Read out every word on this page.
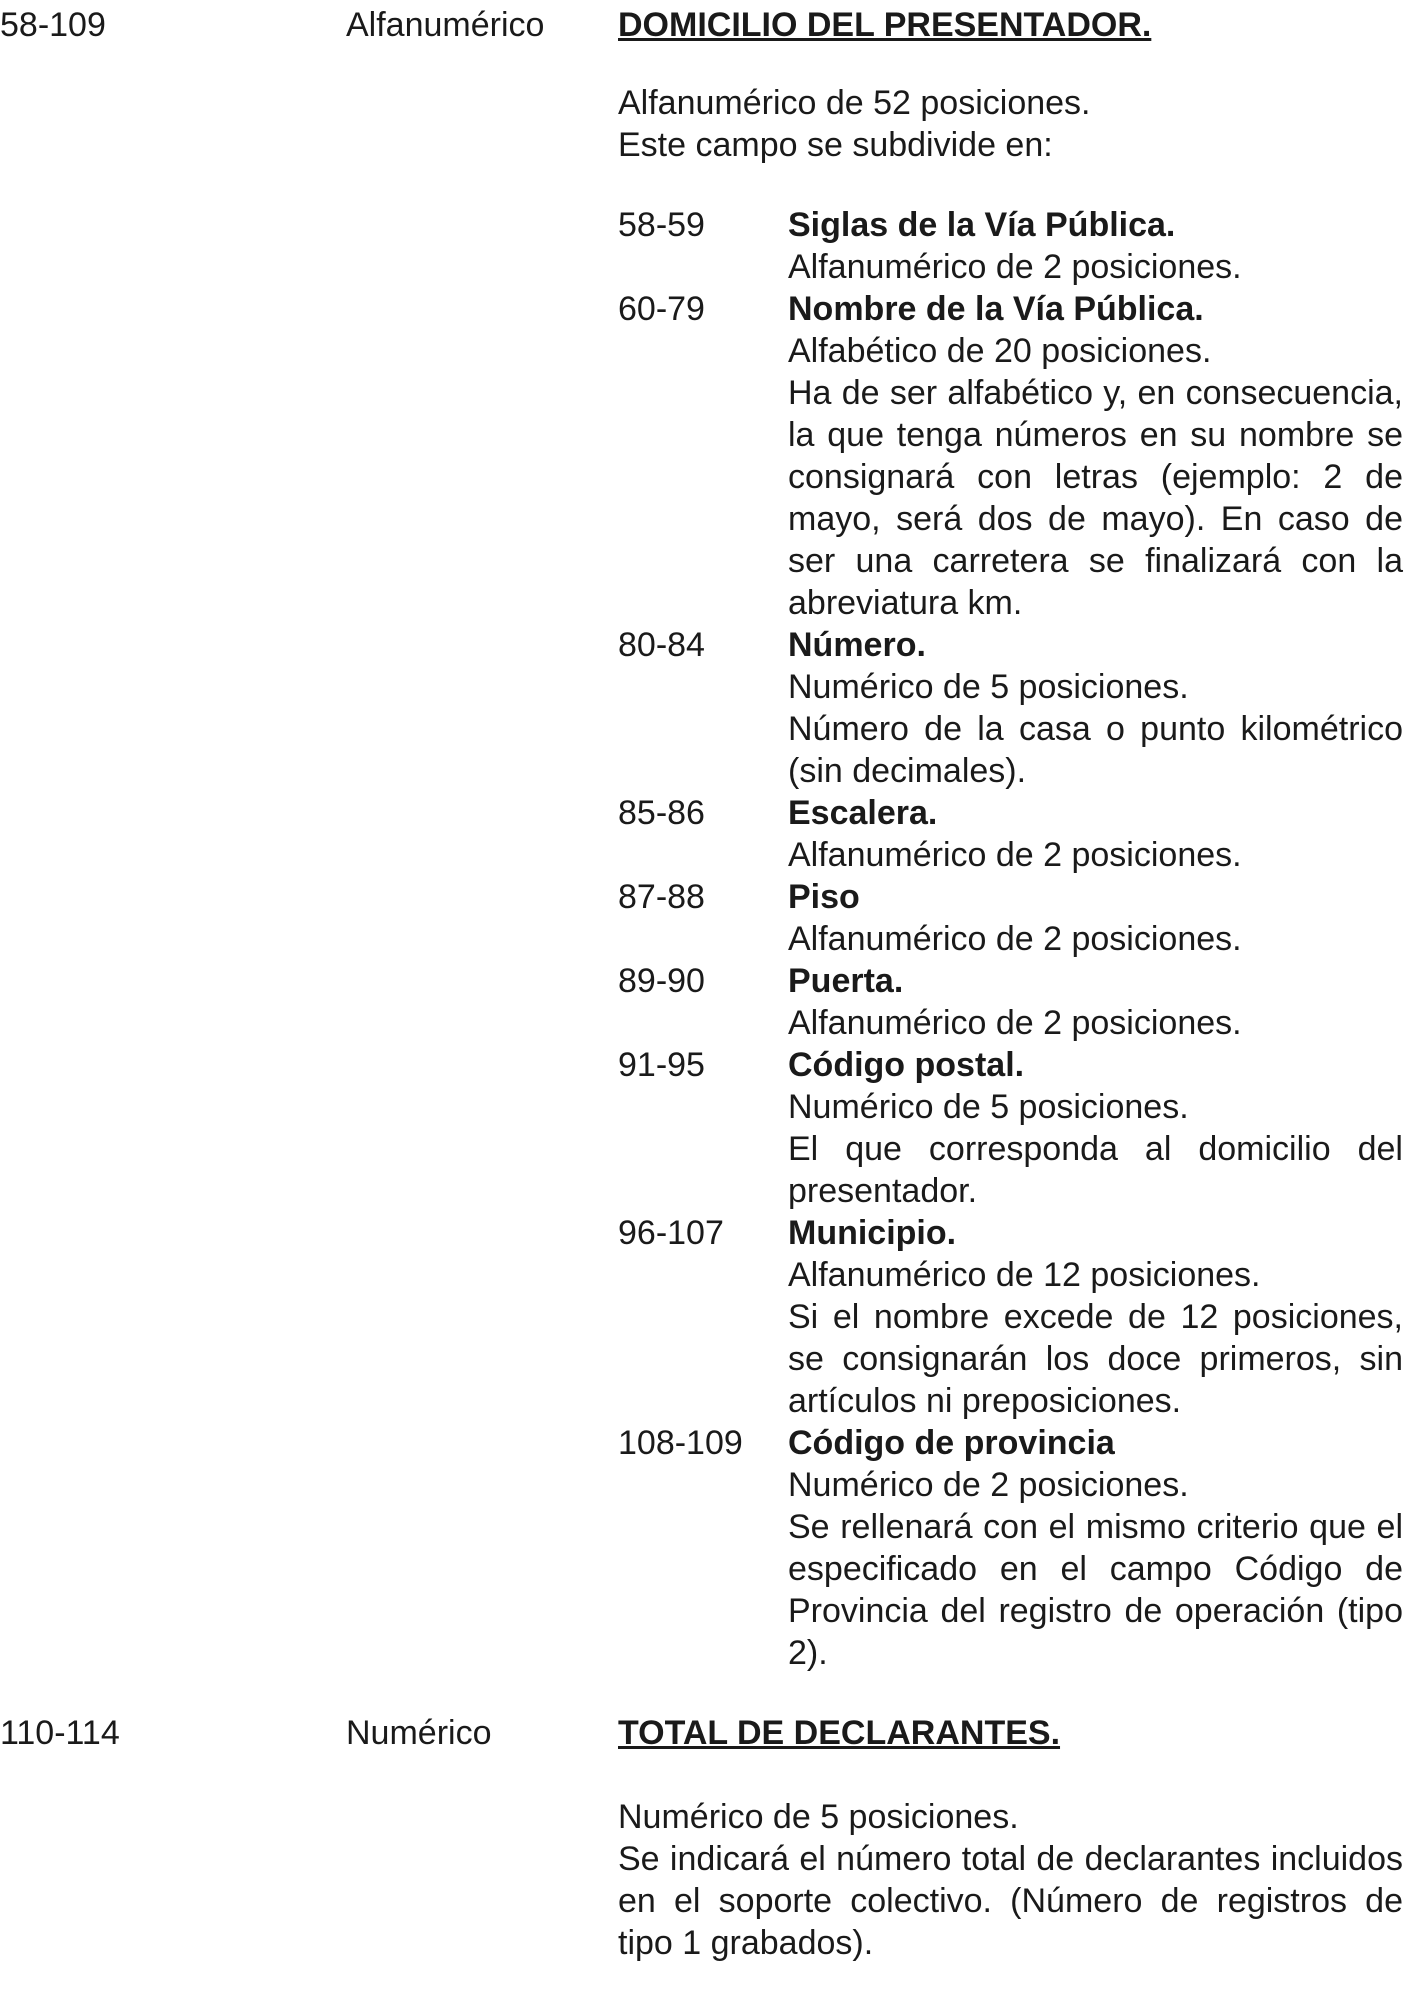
58-109	Alfanumérico DOMICILIO DEL PRESENTADOR.

Alfanumérico de 52 posiciones.

Este campo se subdivide en:

58-59	Siglas de la Vía Pública.

Alfanumérico de 2 posiciones.

60-79	Nombre de la Vía Pública.

Alfabético de 20 posiciones.

Ha de ser alfabético y, en consecuencia, la que tenga números en su nombre se consignará con letras (ejemplo: 2 de mayo, será dos de mayo). En caso de ser una carretera se finalizará con la abreviatura km.

80-84	Número.

Numérico de 5 posiciones.

Número de la casa o punto kilométrico (sin decimales).

85-86	Escalera.

Alfanumérico de 2 posiciones.

87-88	Piso

Alfanumérico de 2 posiciones.

89-90	Puerta.

Alfanumérico de 2 posiciones.

91-95	Código postal.

Numérico de 5 posiciones.

El que corresponda al domicilio del presentador.

96-107	Municipio.

Alfanumérico de 12 posiciones.

Si el nombre excede de 12 posiciones, se consignarán los doce primeros, sin artículos ni preposiciones.

108-109	Código de provincia

Numérico de 2 posiciones.

Se rellenará con el mismo criterio que el especificado en el campo Código de Provincia del registro de operación (tipo 2).

110-114	Numérico	TOTAL DE DECLARANTES.

Numérico de 5 posiciones.

Se indicará el número total de declarantes incluidos en el soporte colectivo. (Número de registros de tipo 1 grabados).
